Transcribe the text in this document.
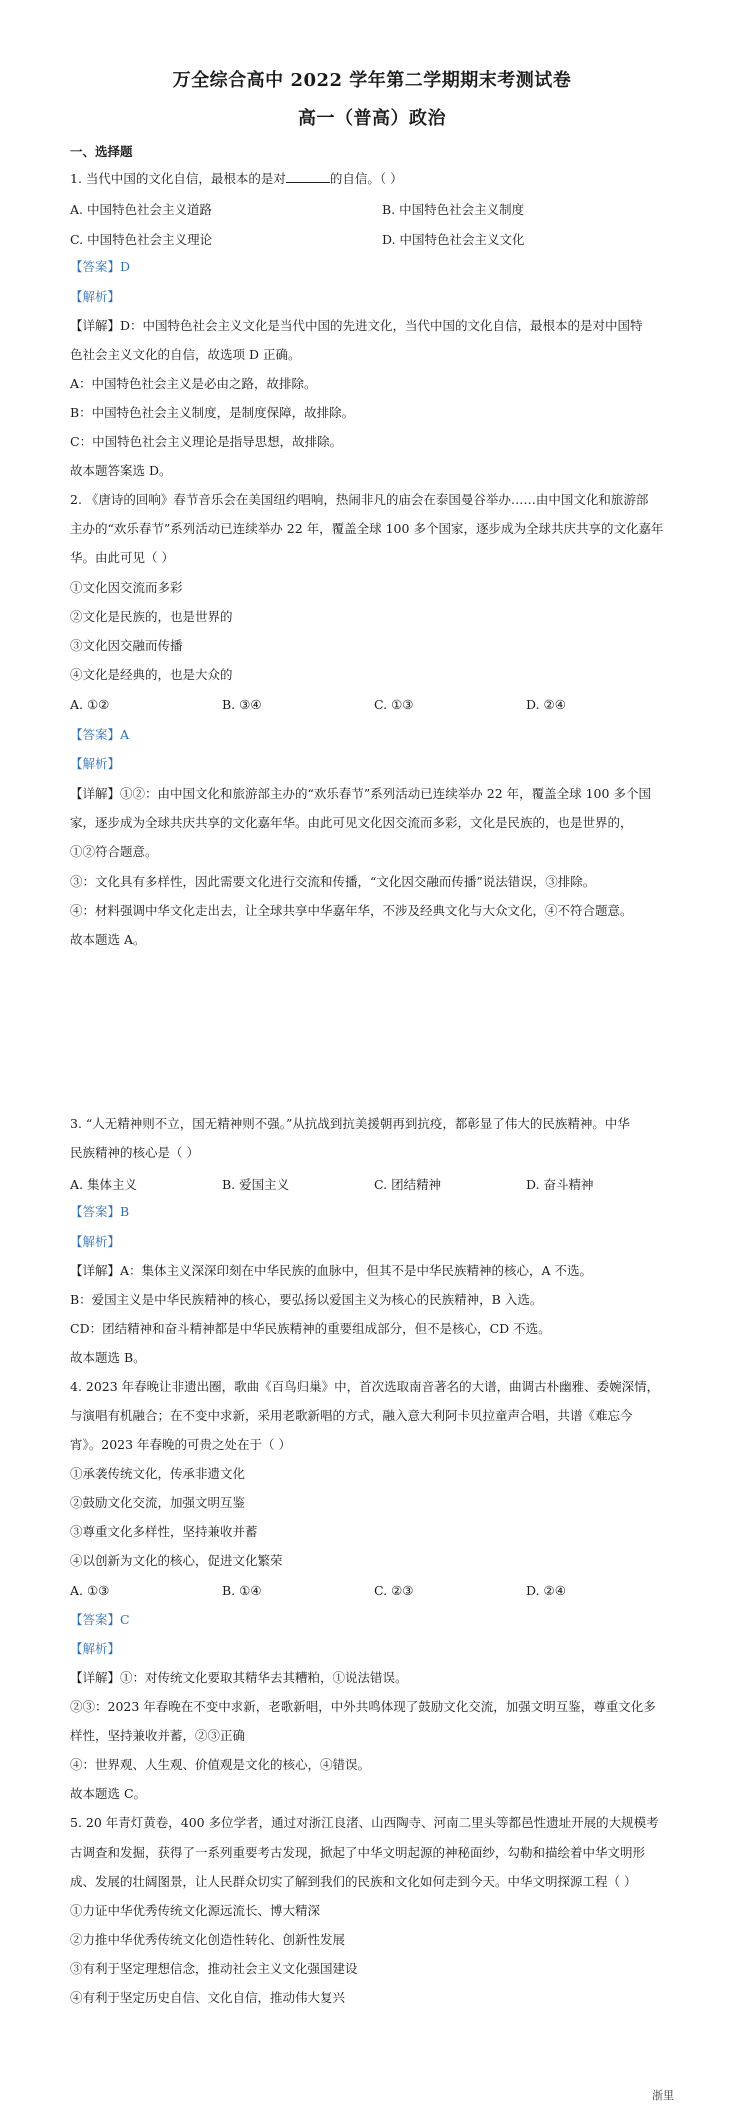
万全综合高中 2022 学年第二学期期末考测试卷
高一（普高）政治
一、选择题
1. 当代中国的文化自信，最根本的是对	的自信。（ ）
A. 中国特色社会主义道路	B. 中国特色社会主义制度
C. 中国特色社会主义理论	D. 中国特色社会主义文化
【答案】D
【解析】
【详解】D：中国特色社会主义文化是当代中国的先进文化，当代中国的文化自信，最根本的是对中国特
色社会主义文化的自信，故选项 D 正确。
A：中国特色社会主义是必由之路，故排除。
B：中国特色社会主义制度，是制度保障，故排除。
C：中国特色社会主义理论是指导思想，故排除。
故本题答案选 D。
2. 《唐诗的回响》春节音乐会在美国纽约唱响，热闹非凡的庙会在泰国曼谷举办……由中国文化和旅游部
主办的“欢乐春节”系列活动已连续举办 22 年，覆盖全球 100 多个国家，逐步成为全球共庆共享的文化嘉年
华。由此可见（ ）
①文化因交流而多彩
②文化是民族的，也是世界的
③文化因交融而传播
④文化是经典的，也是大众的
A. ①②	B. ③④	C. ①③	D. ②④
【答案】A
【解析】
【详解】①②：由中国文化和旅游部主办的“欢乐春节”系列活动已连续举办 22 年，覆盖全球 100 多个国
家，逐步成为全球共庆共享的文化嘉年华。由此可见文化因交流而多彩，文化是民族的，也是世界的，
①②符合题意。
③：文化具有多样性，因此需要文化进行交流和传播，“文化因交融而传播”说法错误，③排除。
④：材料强调中华文化走出去，让全球共享中华嘉年华，不涉及经典文化与大众文化，④不符合题意。
故本题选 A。
3. “人无精神则不立，国无精神则不强。”从抗战到抗美援朝再到抗疫，都彰显了伟大的民族精神。中华
民族精神的核心是（ ）
A. 集体主义	B. 爱国主义	C. 团结精神	D. 奋斗精神
【答案】B
【解析】
【详解】A：集体主义深深印刻在中华民族的血脉中，但其不是中华民族精神的核心，A 不选。
B：爱国主义是中华民族精神的核心，要弘扬以爱国主义为核心的民族精神，B 入选。
CD：团结精神和奋斗精神都是中华民族精神的重要组成部分，但不是核心，CD 不选。
故本题选 B。
4. 2023 年春晚让非遗出圈，歌曲《百鸟归巢》中，首次选取南音著名的大谱，曲调古朴幽雅、委婉深情，
与演唱有机融合；在不变中求新，采用老歌新唱的方式，融入意大利阿卡贝拉童声合唱，共谱《难忘今
宵》。2023 年春晚的可贵之处在于（ ）
①承袭传统文化，传承非遗文化
②鼓励文化交流，加强文明互鉴
③尊重文化多样性，坚持兼收并蓄
④以创新为文化的核心，促进文化繁荣
A. ①③	B. ①④	C. ②③	D. ②④
【答案】C
【解析】
【详解】①：对传统文化要取其精华去其糟粕，①说法错误。
②③：2023 年春晚在不变中求新，老歌新唱，中外共鸣体现了鼓励文化交流，加强文明互鉴，尊重文化多
样性，坚持兼收并蓄，②③正确
④：世界观、人生观、价值观是文化的核心，④错误。
故本题选 C。
5. 20 年青灯黄卷，400 多位学者，通过对浙江良渚、山西陶寺、河南二里头等都邑性遗址开展的大规模考
古调查和发掘，获得了一系列重要考古发现，掀起了中华文明起源的神秘面纱，勾勒和描绘着中华文明形
成、发展的壮阔图景，让人民群众切实了解到我们的民族和文化如何走到今天。中华文明探源工程（ ）
①力证中华优秀传统文化源远流长、博大精深
②力推中华优秀传统文化创造性转化、创新性发展
③有利于坚定理想信念，推动社会主义文化强国建设
④有利于坚定历史自信、文化自信，推动伟大复兴
浙里
